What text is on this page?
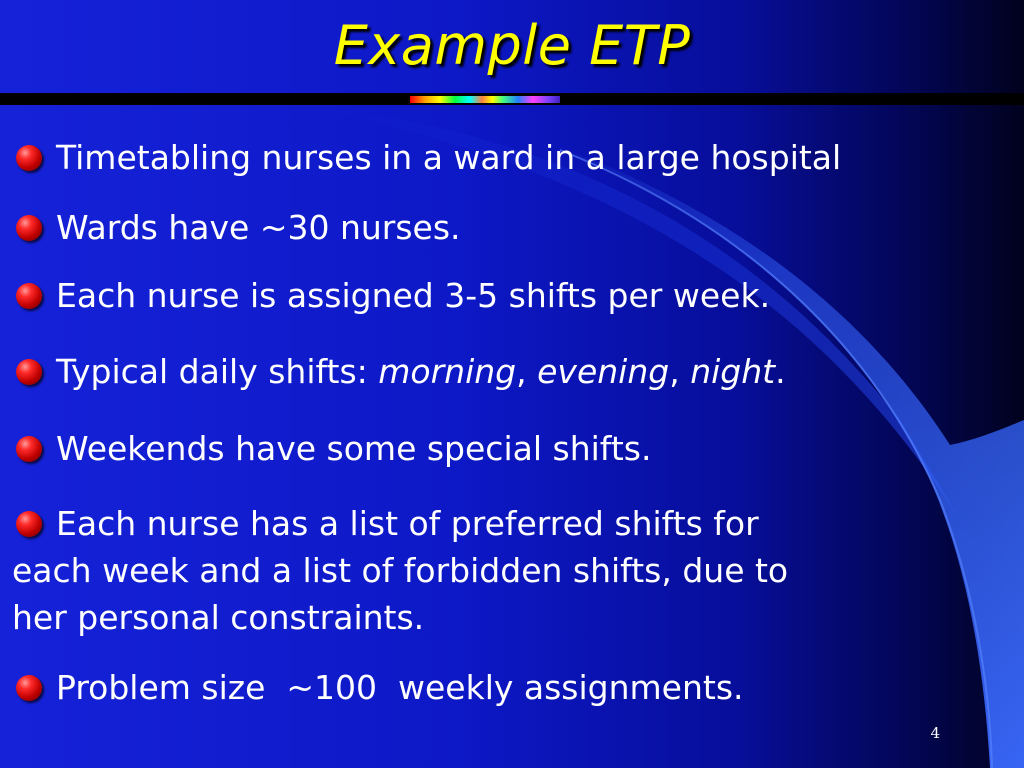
Example ETP
Timetabling nurses in a ward in a large hospital
Wards have ~30 nurses.
Each nurse is assigned 3-5 shifts per week.
Typical daily shifts: morning, evening, night.
Weekends have some special shifts.
Each nurse has a list of preferred shifts for
each week and a list of forbidden shifts, due to
her personal constraints.
Problem size  ~100  weekly assignments.
4
